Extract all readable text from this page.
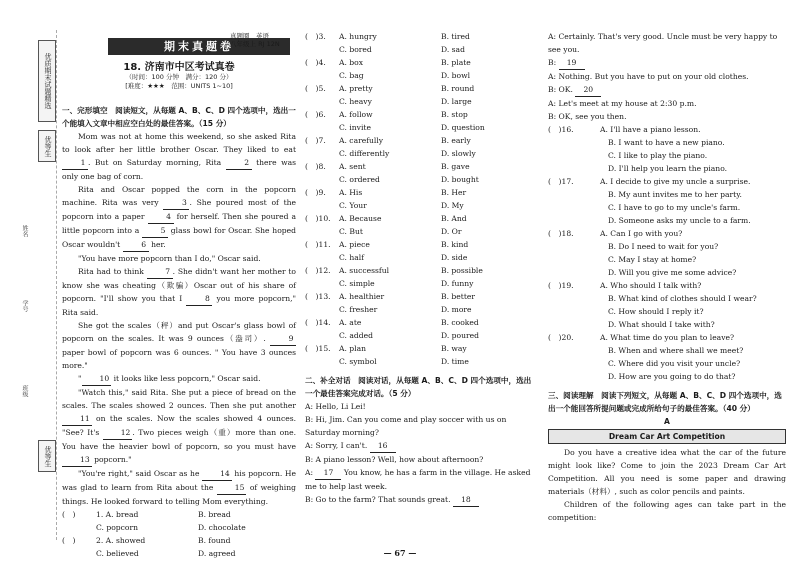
优质期末试题精选
优等生
优等生
姓名
学号
班级
期末真题卷
真题圈　英语
八年级上 RJ 12N
18. 济南市中区考试真卷
（时间：100 分钟　满分：120 分）
[难度：★★★　范围：UNITS 1~10]

一、完形填空　阅读短文，从每题 A、B、C、D 四个选项中，选出一个能填入文章中相应空白处的最佳答案。（15 分）

Mom was not at home this weekend, so she asked Rita to look after her little brother Oscar. They liked to eat 1 . But on Saturday morning, Rita 2 there was only one bag of corn.

Rita and Oscar popped the corn in the popcorn machine. Rita was very 3 . She poured most of the popcorn into a paper 4 for herself. Then she poured a little popcorn into a 5 glass bowl for Oscar. She hoped Oscar wouldn't 6 her.

"You have more popcorn than I do," Oscar said.

Rita had to think 7 . She didn't want her mother to know she was cheating（欺骗）Oscar out of his share of popcorn. "I'll show you that I 8 you more popcorn," Rita said.

She got the scales（秤）and put Oscar's glass bowl of popcorn on the scales. It was 9 ounces（盎司）. 9 paper bowl of popcorn was 6 ounces. " You have 3 ounces more."

" 10 it looks like less popcorn," Oscar said.

"Watch this," said Rita. She put a piece of bread on the scales. The scales showed 2 ounces. Then she put another 11 on the scales. Now the scales showed 4 ounces. "See? It's 12 . Two pieces weigh（重）more than one. You have the heavier bowl of popcorn, so you must have 13 popcorn."

"You're right," said Oscar as he 14 his popcorn. He was glad to learn from Rita about the 15 of weighing things. He looked forward to telling Mom everything.

(　)	1. A. bread	B. bread
C. popcorn	D. chocolate
(　)	2. A. showed	B. found
C. believed	D. agreed
(　)3.	A. hungry	B. tired
C. bored	D. sad
(　)4.	A. box	B. plate
C. bag	D. bowl
(　)5.	A. pretty	B. round
C. heavy	D. large
(　)6.	A. follow	B. stop
C. invite	D. question
(　)7.	A. carefully	B. early
C. differently	D. slowly
(　)8.	A. sent	B. gave
C. ordered	D. bought
(　)9.	A. His	B. Her
C. Your	D. My
(　)10.	A. Because	B. And
C. But	D. Or
(　)11.	A. piece	B. kind
C. half	D. side
(　)12.	A. successful	B. possible
C. simple	D. funny
(　)13.	A. healthier	B. better
C. fresher	D. more
(　)14.	A. ate	B. cooked
C. added	D. poured
(　)15.	A. plan	B. way
C. symbol	D. time

二、补全对话　阅读对话，从每题 A、B、C、D 四个选项中，选出一个最佳答案完成对话。（5 分）

A: Hello, Li Lei!

B: Hi, Jim. Can you come and play soccer with us on Saturday morning?

A: Sorry, I can't. 16

B: A piano lesson? Well, how about afternoon?

A: 17 You know, he has a farm in the village. He asked me to help last week.

B: Go to the farm? That sounds great. 18

A: Certainly. That's very good. Uncle must be very happy to see you.

B: 19

A: Nothing. But you have to put on your old clothes.

B: OK. 20

A: Let's meet at my house at 2:30 p.m.

B: OK, see you then.

(　)16.	A. I'll have a piano lesson.
B. I want to have a new piano.
C. I like to play the piano.
D. I'll help you learn the piano.
(　)17.	A. I decide to give my uncle a surprise.
B. My aunt invites me to her party.
C. I have to go to my uncle's farm.
D. Someone asks my uncle to a farm.
(　)18.	A. Can I go with you?
B. Do I need to wait for you?
C. May I stay at home?
D. Will you give me some advice?
(　)19.	A. Who should I talk with?
B. What kind of clothes should I wear?
C. How should I reply it?
D. What should I take with?
(　)20.	A. What time do you plan to leave?
B. When and where shall we meet?
C. Where did you visit your uncle?
D. How are you going to do that?

三、阅读理解　阅读下列短文，从每题 A、B、C、D 四个选项中，选出一个能回答所提问题或完成所给句子的最佳答案。（40 分）

A
Dream Car Art Competition

Do you have a creative idea what the car of the future might look like? Come to join the 2023 Dream Car Art Competition. All you need is some paper and drawing materials（材料）, such as color pencils and paints.

Children of the following ages can take part in the competition:

— 67 —
